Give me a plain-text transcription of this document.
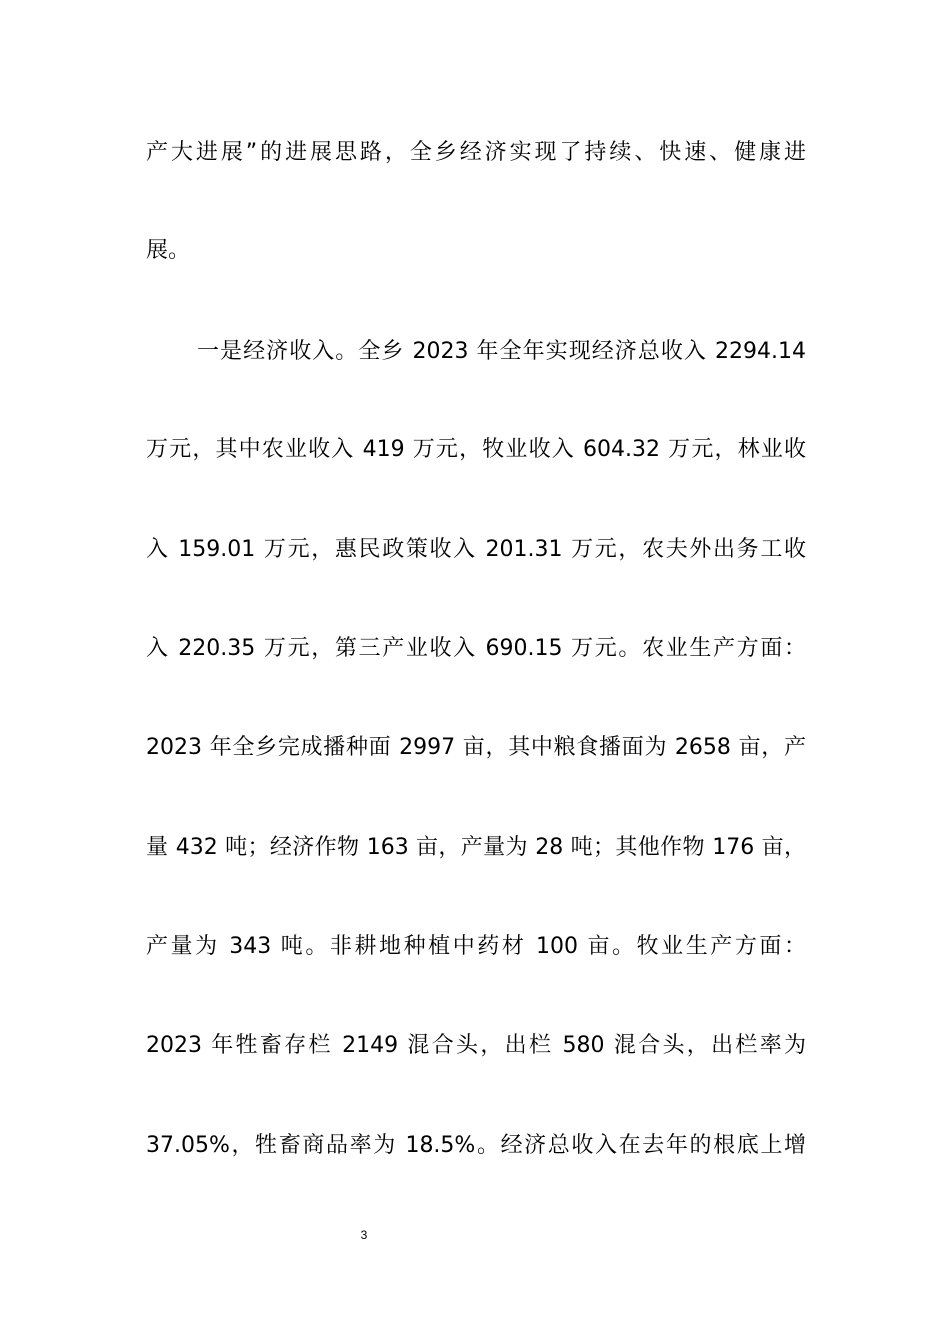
产大进展”的进展思路，全乡经济实现了持续、快速、健康进
展。
一是经济收入。全乡 2023 年全年实现经济总收入 2294.14
万元，其中农业收入 419 万元，牧业收入 604.32 万元，林业收
入 159.01 万元，惠民政策收入 201.31 万元，农夫外出务工收
入 220.35 万元，第三产业收入 690.15 万元。农业生产方面：
2023 年全乡完成播种面 2997 亩，其中粮食播面为 2658 亩，产
量 432 吨；经济作物 163 亩，产量为 28 吨；其他作物 176 亩，
产量为 343 吨。非耕地种植中药材 100 亩。牧业生产方面：
2023 年牲畜存栏 2149 混合头，出栏 580 混合头，出栏率为
37.05%，牲畜商品率为 18.5%。经济总收入在去年的根底上增
3
